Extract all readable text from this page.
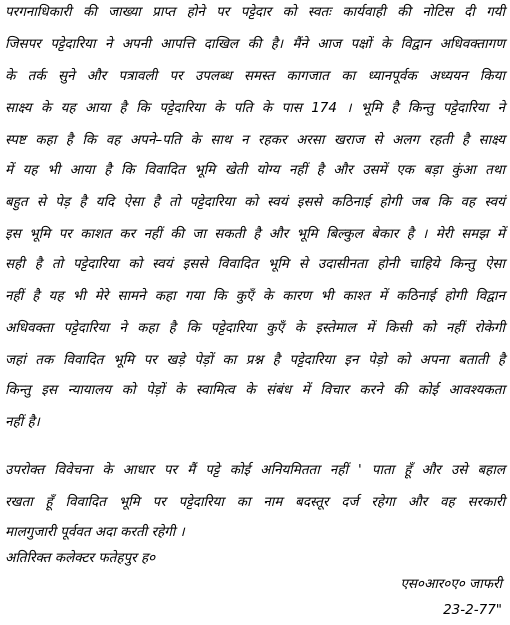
परगनाधिकारी की जाख्या प्राप्त होने पर पट्टेदार को स्वतः कार्यवाही की नोटिस दी गयी
जिसपर पट्टेदारिया ने अपनी आपत्ति दाखिल की है। मैंने आज पक्षों के विद्वान अधिवक्तागण
के तर्क सुने और पत्रावली पर उपलब्ध समस्त कागजात का ध्यानपूर्वक अध्ययन किया
साक्ष्य के यह आया है कि पट्टेदारिया के पति के पास 174 । भूमि है किन्तु पट्टेदारिया ने
स्पष्ट कहा है कि वह अपने–पति के साथ न रहकर अरसा खराज से अलग रहती है साक्ष्य
में यह भी आया है कि विवादित भूमि खेती योग्य नहीं है और उसमें एक बड़ा कुंआ तथा
बहुत से पेड़ है यदि ऐसा है तो पट्टेदारिया को स्वयं इससे कठिनाई होगी जब कि वह स्वयं
इस भूमि पर काशत कर नहीं की जा सकती है और भूमि बिल्कुल बेकार है । मेरी समझ में
सही है तो पट्टेदारिया को स्वयं इससे विवादित भूमि से उदासीनता होनी चाहिये किन्तु ऐसा
नहीं है यह भी मेरे सामने कहा गया कि कुएँ के कारण भी काश्त में कठिनाई होगी विद्वान
अधिवक्ता पट्टेदारिया ने कहा है कि पट्टेदारिया कुएँ के इस्तेमाल में किसी को नहीं रोकेगी
जहां तक विवादित भूमि पर खड़े पेड़ों का प्रश्न है पट्टेदारिया इन पेड़ो को अपना बताती है
किन्तु इस न्यायालय को पेड़ों के स्वामित्व के संबंध में विचार करने की कोई आवश्यकता
नहीं है।
उपरोक्त विवेचना के आधार पर मैं पट्टे कोई अनियमितता नहीं ' पाता हूँ और उसे बहाल
रखता हूँ विवादित भूमि पर पट्टेदारिया का नाम बदस्तूर दर्ज रहेगा और वह सरकारी
मालगुजारी पूर्ववत अदा करती रहेगी ।
अतिरिक्त कलेक्टर फतेहपुर ह०
एस०आर०ए० जाफरी
23-2-77"
